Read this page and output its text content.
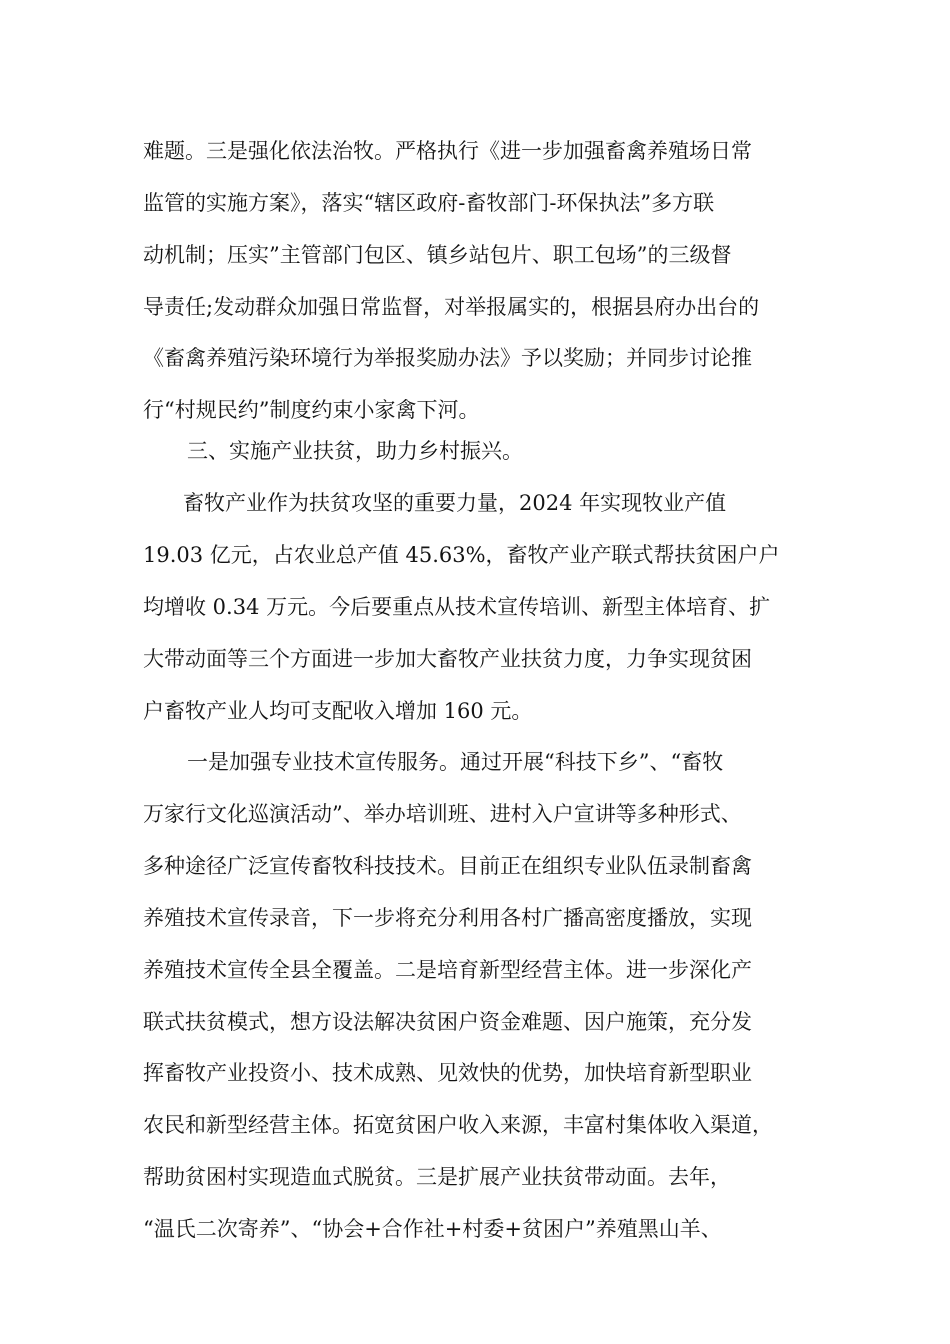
难题。三是强化依法治牧。严格执行《进一步加强畜禽养殖场日常
监管的实施方案》，落实“辖区政府-畜牧部门-环保执法”多方联
动机制；压实”主管部门包区、镇乡站包片、职工包场”的三级督
导责任;发动群众加强日常监督，对举报属实的，根据县府办出台的
《畜禽养殖污染环境行为举报奖励办法》予以奖励；并同步讨论推
行“村规民约”制度约束小家禽下河。
三、实施产业扶贫，助力乡村振兴。
畜牧产业作为扶贫攻坚的重要力量，2024 年实现牧业产值
19.03 亿元，占农业总产值 45.63%，畜牧产业产联式帮扶贫困户户
均增收 0.34 万元。今后要重点从技术宣传培训、新型主体培育、扩
大带动面等三个方面进一步加大畜牧产业扶贫力度，力争实现贫困
户畜牧产业人均可支配收入增加 160 元。
一是加强专业技术宣传服务。通过开展“科技下乡”、“畜牧
万家行文化巡演活动”、举办培训班、进村入户宣讲等多种形式、
多种途径广泛宣传畜牧科技技术。目前正在组织专业队伍录制畜禽
养殖技术宣传录音，下一步将充分利用各村广播高密度播放，实现
养殖技术宣传全县全覆盖。二是培育新型经营主体。进一步深化产
联式扶贫模式，想方设法解决贫困户资金难题、因户施策，充分发
挥畜牧产业投资小、技术成熟、见效快的优势，加快培育新型职业
农民和新型经营主体。拓宽贫困户收入来源，丰富村集体收入渠道，
帮助贫困村实现造血式脱贫。三是扩展产业扶贫带动面。去年，
“温氏二次寄养”、“协会+合作社+村委+贫困户”养殖黑山羊、
